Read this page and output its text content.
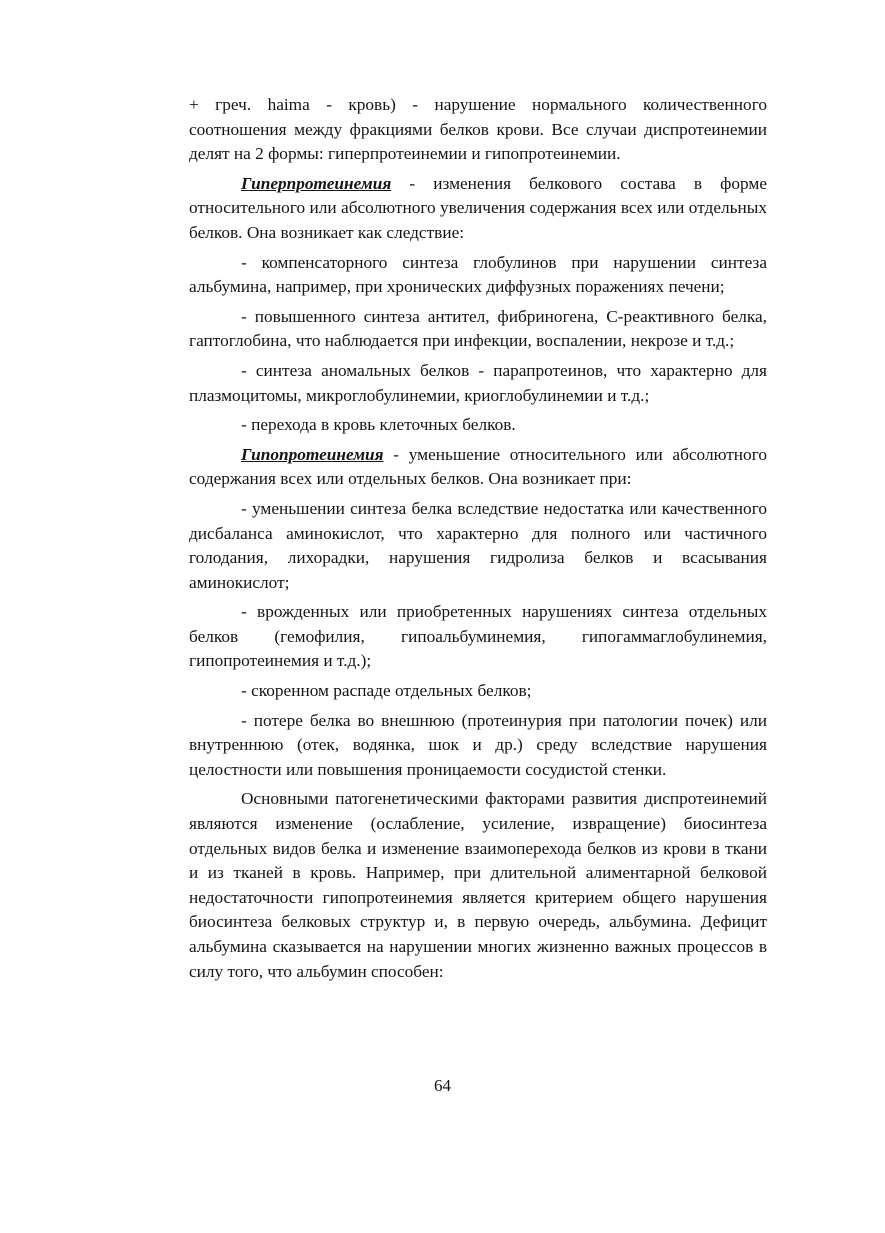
+ греч. haima - кровь) - нарушение нормального количественного соотношения между фракциями белков крови. Все случаи диспротеинемии делят на 2 формы: гиперпротеинемии и гипопротеинемии.

Гиперпротеинемия - изменения белкового состава в форме относительного или абсолютного увеличения содержания всех или отдельных белков. Она возникает как следствие:

- компенсаторного синтеза глобулинов при нарушении синтеза альбумина, например, при хронических диффузных поражениях печени;

- повышенного синтеза антител, фибриногена, С-реактивного белка, гаптоглобина, что наблюдается при инфекции, воспалении, некрозе и т.д.;

- синтеза аномальных белков - парапротеинов, что характерно для плазмоцитомы, микроглобулинемии, криоглобулинемии и т.д.;

- перехода в кровь клеточных белков.

Гипопротеинемия - уменьшение относительного или абсолютного содержания всех или отдельных белков. Она возникает при:

- уменьшении синтеза белка вследствие недостатка или качественного дисбаланса аминокислот, что характерно для полного или частичного голодания, лихорадки, нарушения гидролиза белков и всасывания аминокислот;

- врожденных или приобретенных нарушениях синтеза отдельных белков (гемофилия, гипоальбуминемия, гипогаммаглобулинемия, гипопротеинемия и т.д.);

- скоренном распаде отдельных белков;

- потере белка во внешнюю (протеинурия при патологии почек) или внутреннюю (отек, водянка, шок и др.) среду вследствие нарушения целостности или повышения проницаемости сосудистой стенки.

Основными патогенетическими факторами развития диспротеинемий являются изменение (ослабление, усиление, извращение) биосинтеза отдельных видов белка и изменение взаимоперехода белков из крови в ткани и из тканей в кровь. Например, при длительной алиментарной белковой недостаточности гипопротеинемия является критерием общего нарушения биосинтеза белковых структур и, в первую очередь, альбумина. Дефицит альбумина сказывается на нарушении многих жизненно важных процессов в силу того, что альбумин способен:

64
